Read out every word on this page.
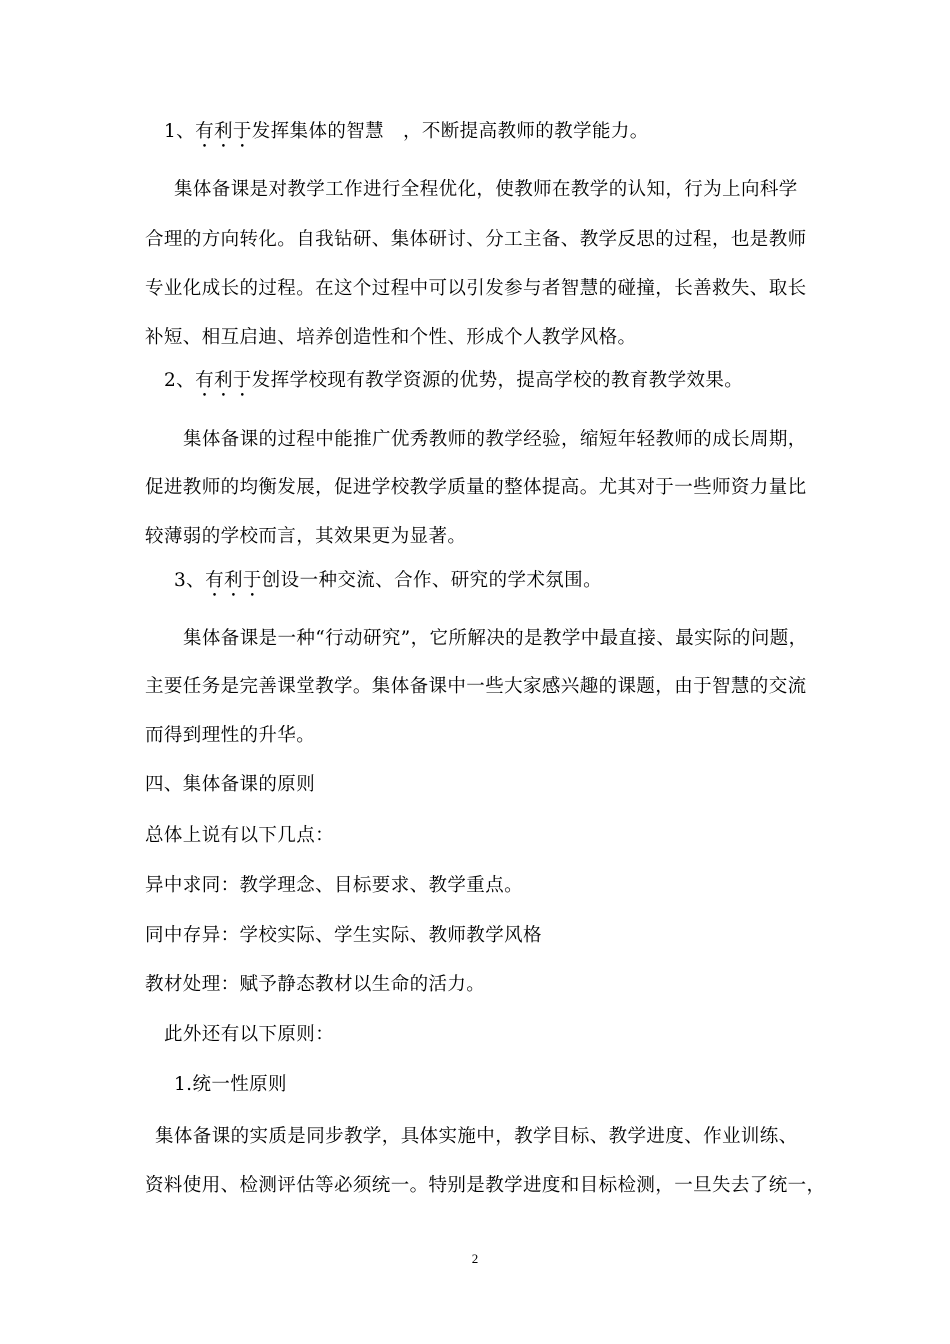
1、有利于发挥集体的智慧　，不断提高教师的教学能力。
集体备课是对教学工作进行全程优化，使教师在教学的认知，行为上向科学
合理的方向转化。自我钻研、集体研讨、分工主备、教学反思的过程，也是教师
专业化成长的过程。在这个过程中可以引发参与者智慧的碰撞，长善救失、取长
补短、相互启迪、培养创造性和个性、形成个人教学风格。
2、有利于发挥学校现有教学资源的优势，提高学校的教育教学效果。
集体备课的过程中能推广优秀教师的教学经验，缩短年轻教师的成长周期，
促进教师的均衡发展，促进学校教学质量的整体提高。尤其对于一些师资力量比
较薄弱的学校而言，其效果更为显著。
3、有利于创设一种交流、合作、研究的学术氛围。
集体备课是一种“行动研究”，它所解决的是教学中最直接、最实际的问题，
主要任务是完善课堂教学。集体备课中一些大家感兴趣的课题，由于智慧的交流
而得到理性的升华。
四、集体备课的原则
总体上说有以下几点：
异中求同：教学理念、目标要求、教学重点。
同中存异：学校实际、学生实际、教师教学风格
教材处理：赋予静态教材以生命的活力。
此外还有以下原则：
1.统一性原则
集体备课的实质是同步教学，具体实施中，教学目标、教学进度、作业训练、
资料使用、检测评估等必须统一。特别是教学进度和目标检测，一旦失去了统一，
2
